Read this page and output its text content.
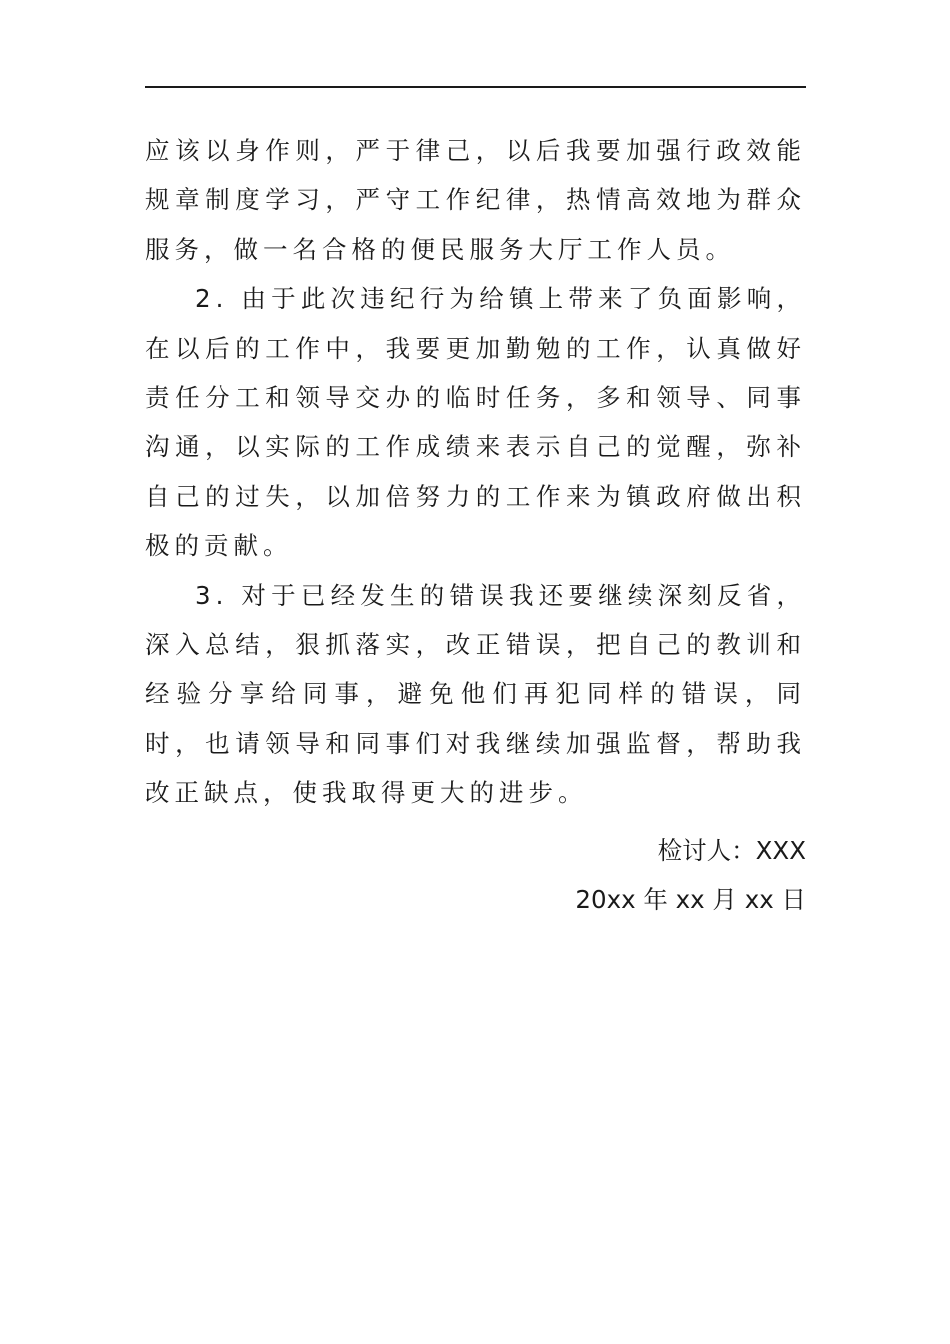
应该以身作则，严于律己，以后我要加强行政效能规章制度学习，严守工作纪律，热情高效地为群众服务，做一名合格的便民服务大厅工作人员。

2. 由于此次违纪行为给镇上带来了负面影响，在以后的工作中，我要更加勤勉的工作，认真做好责任分工和领导交办的临时任务，多和领导、同事沟通，以实际的工作成绩来表示自己的觉醒，弥补自己的过失，以加倍努力的工作来为镇政府做出积极的贡献。

3. 对于已经发生的错误我还要继续深刻反省，深入总结，狠抓落实，改正错误，把自己的教训和经验分享给同事，避免他们再犯同样的错误，同时，也请领导和同事们对我继续加强监督，帮助我改正缺点，使我取得更大的进步。

检讨人：XXX
20xx 年 xx 月 xx 日
